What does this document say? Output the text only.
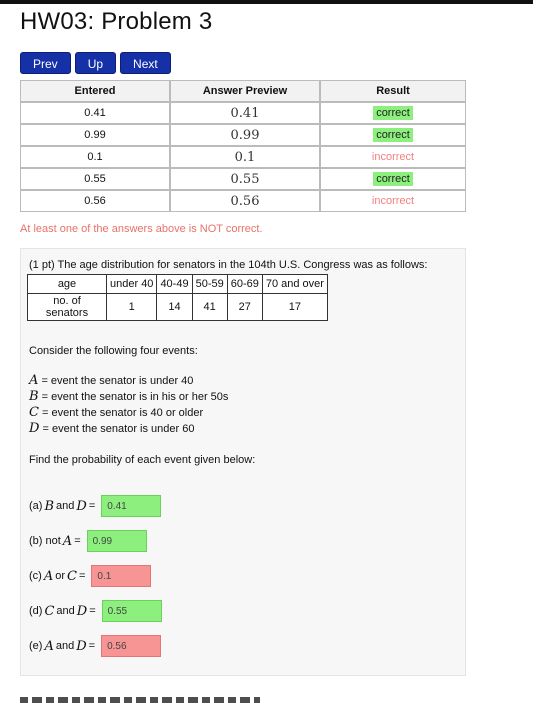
HW03: Problem 3
Prev	Up	Next
Entered	Answer Preview	Result
0.41	0.41	correct
0.99	0.99	correct
0.1	0.1	incorrect
0.55	0.55	correct
0.56	0.56	incorrect
At least one of the answers above is NOT correct.
(1 pt) The age distribution for senators in the 104th U.S. Congress was as follows:
age	under 40	40-49	50-59	60-69	70 and over
no. of senators	1	14	41	27	17
Consider the following four events:
A = event the senator is under 40
B = event the senator is in his or her 50s
C = event the senator is 40 or older
D = event the senator is under 60
Find the probability of each event given below:
(a) B and D =	0.41
(b) not A =	0.99
(c) A or C =	0.1
(d) C and D =	0.55
(e) A and D =	0.56
